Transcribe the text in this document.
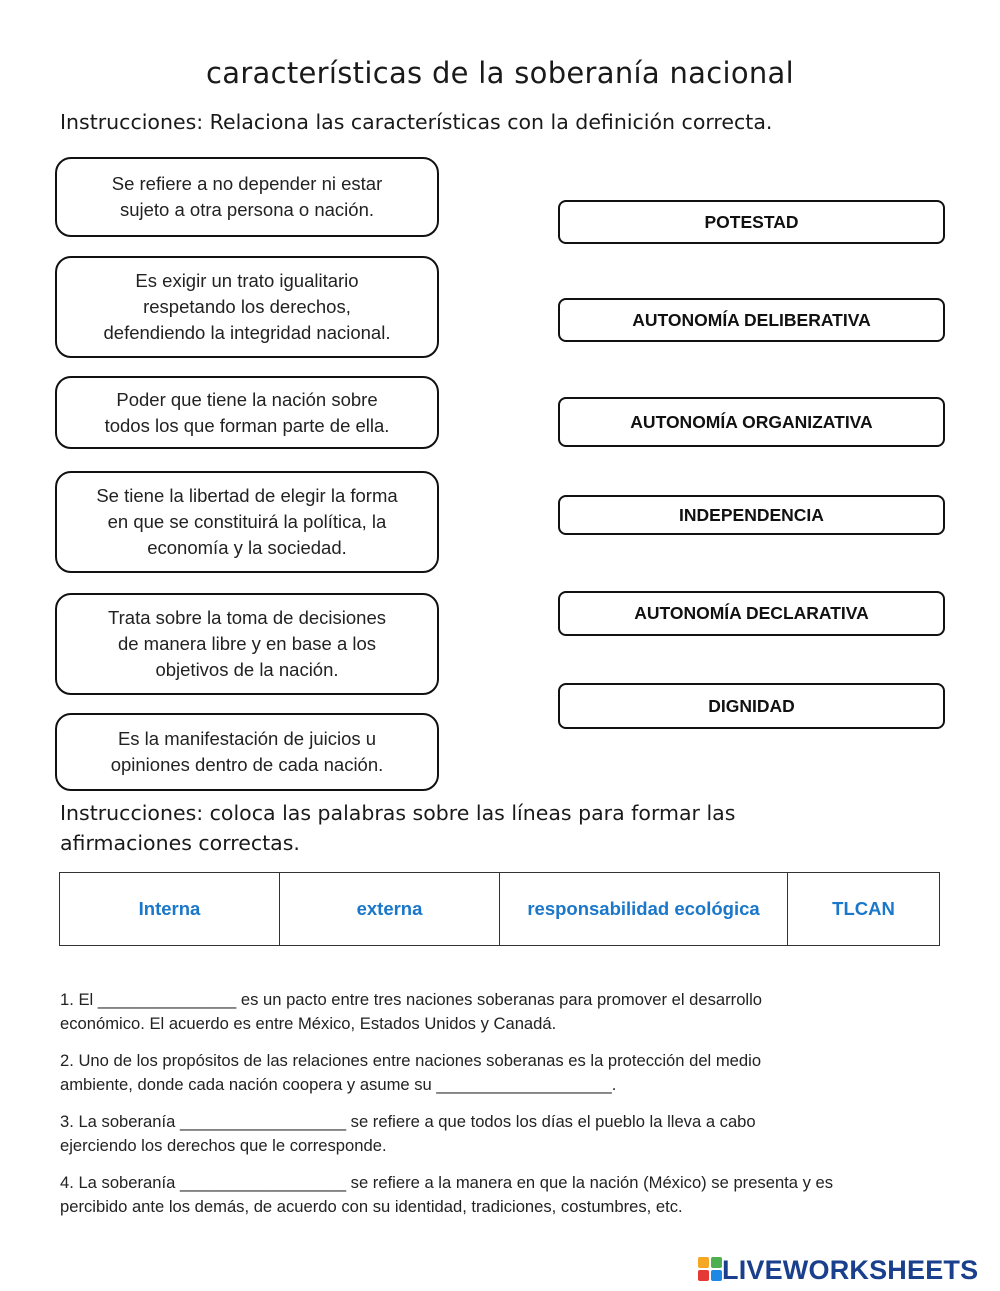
características de la soberanía nacional
Instrucciones: Relaciona las características con la definición correcta.
Se refiere a no depender ni estar
sujeto a otra persona o nación.
Es exigir un trato igualitario
respetando los derechos,
defendiendo la integridad nacional.
Poder que tiene la nación sobre
todos los que forman parte de ella.
Se tiene la libertad de elegir la forma
en que se constituirá la política, la
economía y la sociedad.
Trata sobre la toma de decisiones
de manera libre y en base a los
objetivos de la nación.
Es la manifestación de juicios u
opiniones dentro de cada nación.
POTESTAD
AUTONOMÍA DELIBERATIVA
AUTONOMÍA ORGANIZATIVA
INDEPENDENCIA
AUTONOMÍA DECLARATIVA
DIGNIDAD
Instrucciones: coloca las palabras sobre las líneas para formar las
afirmaciones correctas.
Interna	externa	responsabilidad ecológica	TLCAN
1. El _______________ es un pacto entre tres naciones soberanas para promover el desarrollo
económico. El acuerdo es entre México, Estados Unidos y Canadá.
2. Uno de los propósitos de las relaciones entre naciones soberanas es la protección del medio
ambiente, donde cada nación coopera y asume su ___________________.
3. La soberanía __________________ se refiere a que todos los días el pueblo la lleva a cabo
ejerciendo los derechos que le corresponde.
4. La soberanía __________________ se refiere a la manera en que la nación (México) se presenta y es
percibido ante los demás, de acuerdo con su identidad, tradiciones, costumbres, etc.
LIVEWORKSHEETS
